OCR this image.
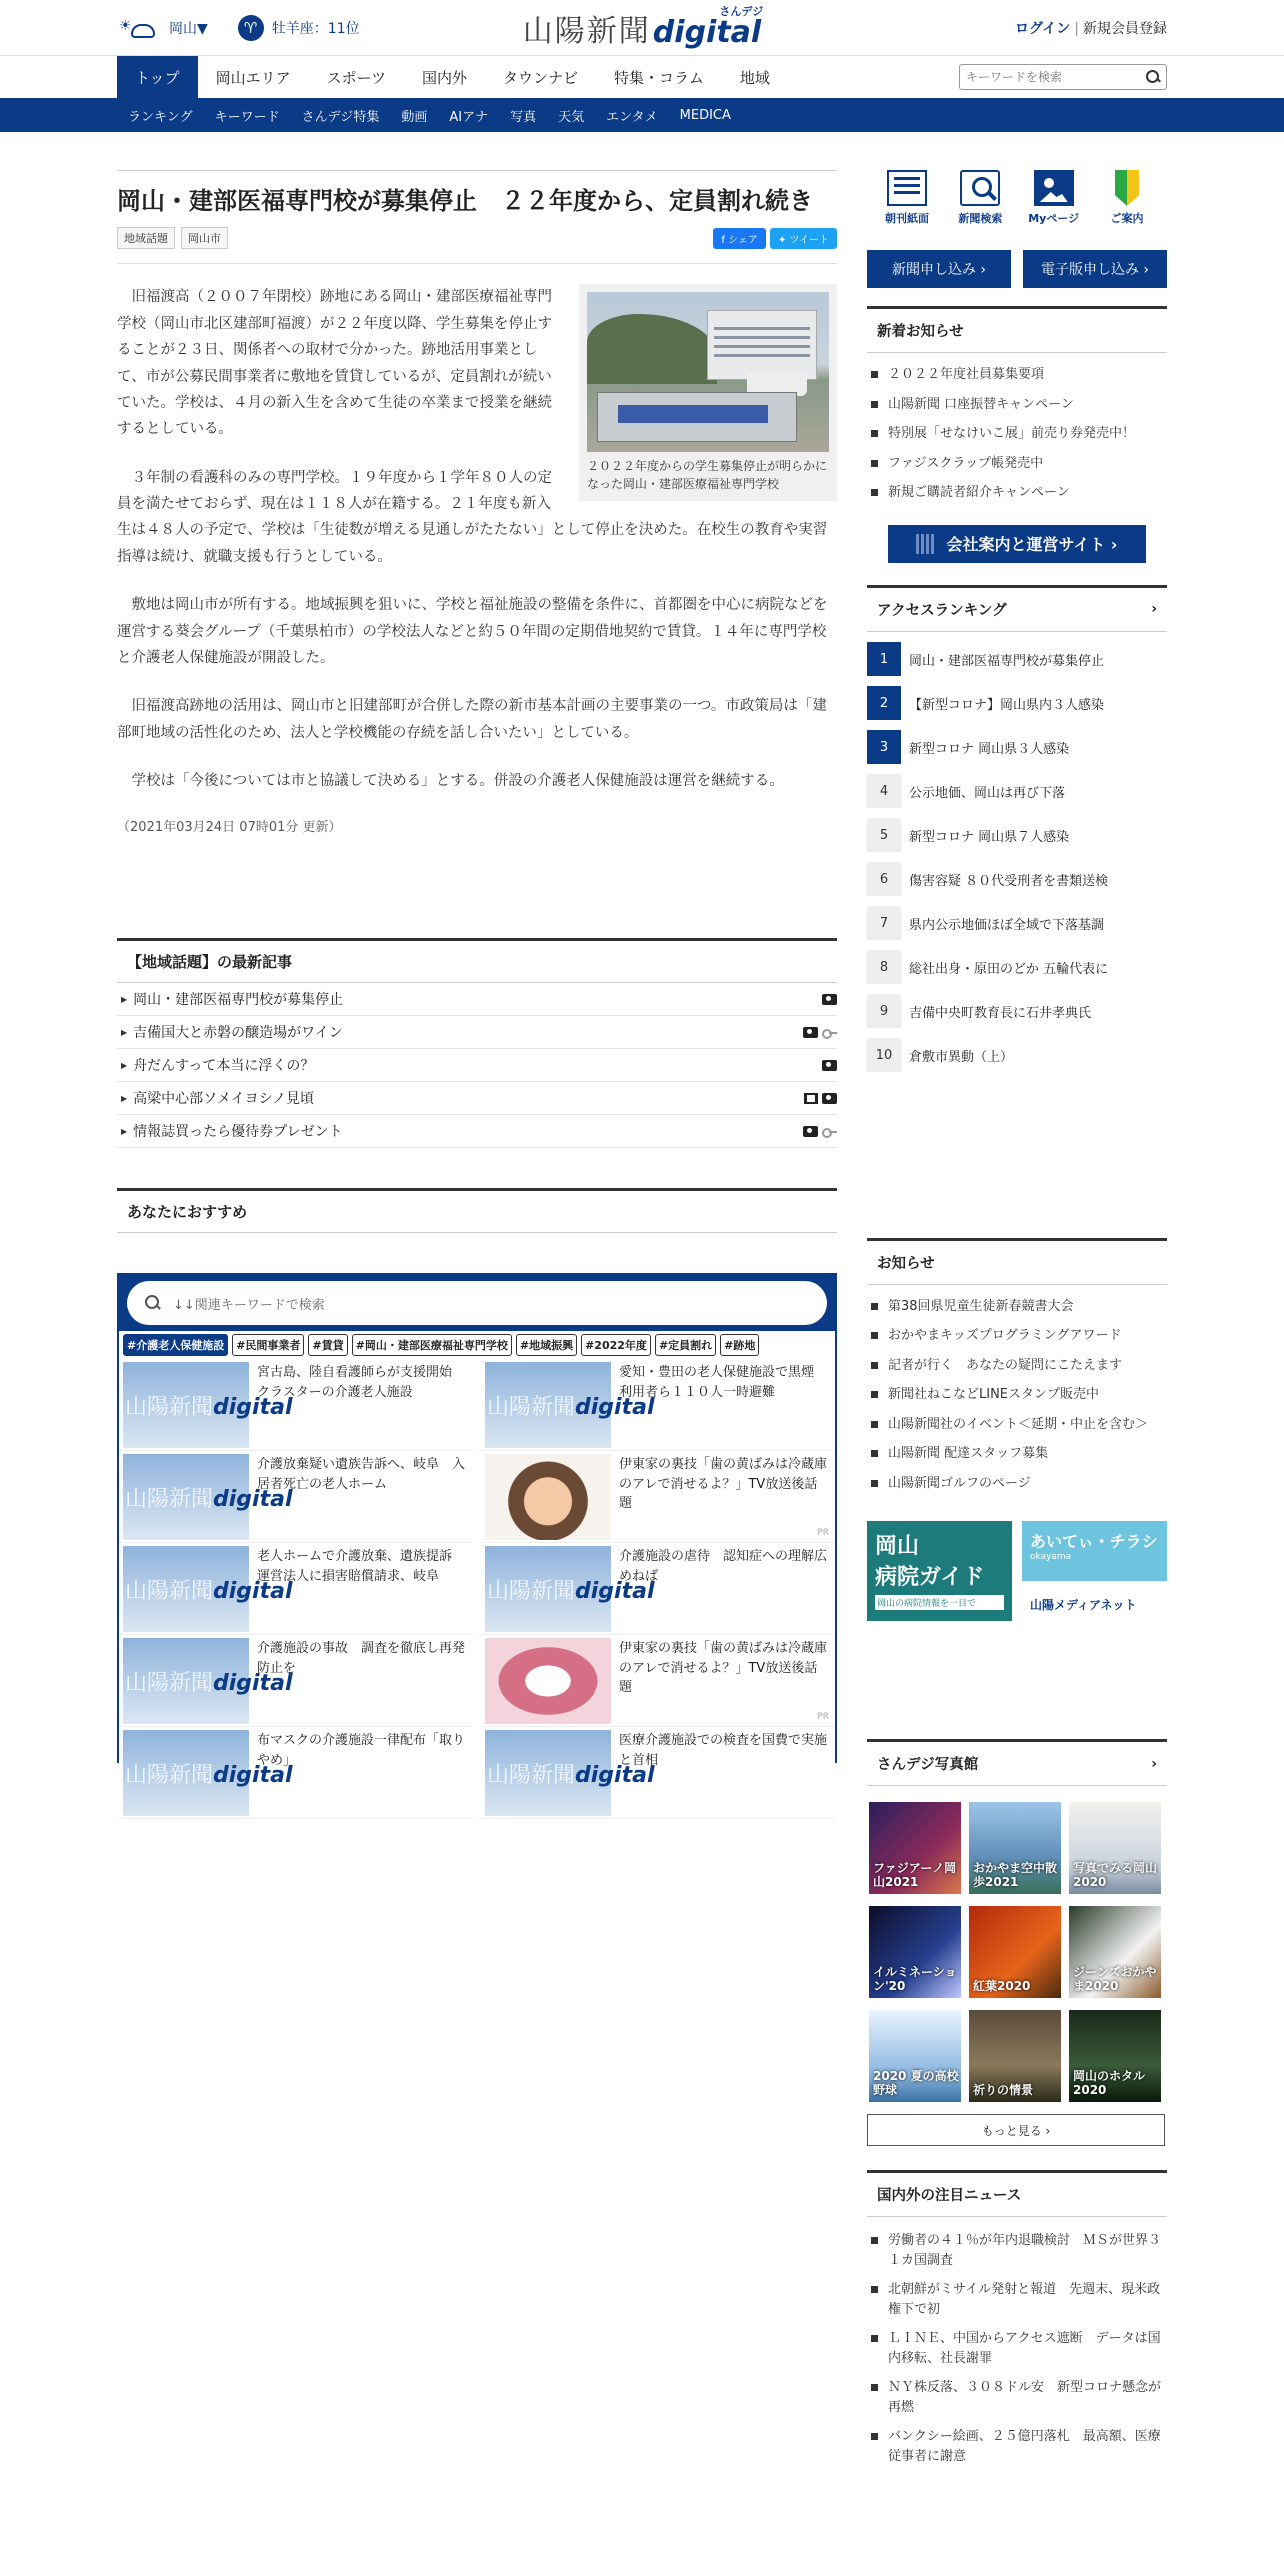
☀	岡山▼	♈	牡羊座：11位	山陽新聞
さんデジ
digital	ログイン | 新規会員登録
トップ	岡山エリア	スポーツ	国内外	タウンナビ	特集・コラム	地域
キーワードを検索
ランキング	キーワード	さんデジ特集	動画	AIアナ	写真	天気	エンタメ	MEDICA
岡山・建部医福専門校が募集停止　２２年度から、定員割れ続き
地域話題	岡山市	f シェア	✦ ツイート
２０２２年度からの学生募集停止が明らかになった岡山・建部医療福祉専門学校

　旧福渡高（２００７年閉校）跡地にある岡山・建部医療福祉専門学校（岡山市北区建部町福渡）が２２年度以降、学生募集を停止することが２３日、関係者への取材で分かった。跡地活用事業として、市が公募民間事業者に敷地を賃貸しているが、定員割れが続いていた。学校は、４月の新入生を含めて生徒の卒業まで授業を継続するとしている。

　３年制の看護科のみの専門学校。１９年度から１学年８０人の定員を満たせておらず、現在は１１８人が在籍する。２１年度も新入生は４８人の予定で、学校は「生徒数が増える見通しがたたない」として停止を決めた。在校生の教育や実習指導は続け、就職支援も行うとしている。

　敷地は岡山市が所有する。地域振興を狙いに、学校と福祉施設の整備を条件に、首都圏を中心に病院などを運営する葵会グループ（千葉県柏市）の学校法人などと約５０年間の定期借地契約で賃貸。１４年に専門学校と介護老人保健施設が開設した。

　旧福渡高跡地の活用は、岡山市と旧建部町が合併した際の新市基本計画の主要事業の一つ。市政策局は「建部町地域の活性化のため、法人と学校機能の存続を話し合いたい」としている。

　学校は「今後については市と協議して決める」とする。併設の介護老人保健施設は運営を継続する。

（2021年03月24日 07時01分 更新）
【地域話題】の最新記事
▶ 岡山・建部医福専門校が募集停止
▶ 吉備国大と赤磐の醸造場がワイン
▶ 舟だんすって本当に浮くの？
▶ 高梁中心部ソメイヨシノ見頃
▶ 情報誌買ったら優待券プレゼント
あなたにおすすめ
↓↓関連キーワードで検索
#介護老人保健施設	#民間事業者	#賃貸	#岡山・建部医療福祉専門学校	#地域振興	#2022年度	#定員割れ	#跡地
山陽新聞digital
宮古島、陸自看護師らが支援開始　クラスターの介護老人施設
山陽新聞digital
愛知・豊田の老人保健施設で黒煙　利用者ら１１０人一時避難
山陽新聞digital
介護放棄疑い遺族告訴へ、岐阜　入居者死亡の老人ホーム
伊東家の裏技「歯の黄ばみは冷蔵庫のアレで消せるよ？」TV放送後話題
PR
山陽新聞digital
老人ホームで介護放棄、遺族提訴　運営法人に損害賠償請求、岐阜
山陽新聞digital
介護施設の虐待　認知症への理解広めねば
山陽新聞digital
介護施設の事故　調査を徹底し再発防止を
伊東家の裏技「歯の黄ばみは冷蔵庫のアレで消せるよ？」TV放送後話題
PR
山陽新聞digital
布マスクの介護施設一律配布「取りやめ」
山陽新聞digital
医療介護施設での検査を国費で実施と首相
朝刊紙面	新聞検索	Myページ	ご案内
新聞申し込み ›	電子版申し込み ›
新着お知らせ
２０２２年度社員募集要項
山陽新聞 口座振替キャンペーン
特別展「せなけいこ展」前売り券発売中！
ファジスクラップ帳発売中
新規ご購読者紹介キャンペーン
会社案内と運営サイト ›
アクセスランキング	›
1	岡山・建部医福専門校が募集停止
2	【新型コロナ】岡山県内３人感染
3	新型コロナ 岡山県３人感染
4	公示地価、岡山は再び下落
5	新型コロナ 岡山県７人感染
6	傷害容疑 ８０代受刑者を書類送検
7	県内公示地価ほぼ全域で下落基調
8	総社出身・原田のどか 五輪代表に
9	吉備中央町教育長に石井孝典氏
10	倉敷市異動（上）
お知らせ
第38回県児童生徒新春競書大会
おかやまキッズプログラミングアワード
記者が行く　あなたの疑問にこたえます
新聞社ねこなどLINEスタンプ販売中
山陽新聞社のイベント＜延期・中止を含む＞
山陽新聞 配達スタッフ募集
山陽新聞ゴルフのページ
岡山
病院ガイド
岡山の病院情報を一目で
あいてぃ・チラシ
okayama
山陽メディアネット
さんデジ写真館	›
ファジアーノ岡山2021
おかやま空中散歩2021
写真でみる岡山2020
イルミネーション'20	紅葉2020
ジーンズおかやま2020
2020 夏の高校野球	祈りの情景
岡山のホタル2020
もっと見る ›
国内外の注目ニュース
労働者の４１％が年内退職検討　ＭＳが世界３１カ国調査
北朝鮮がミサイル発射と報道　先週末、現米政権下で初
ＬＩＮＥ、中国からアクセス遮断　データは国内移転、社長謝罪
ＮＹ株反落、３０８ドル安　新型コロナ懸念が再燃
バンクシー絵画、２５億円落札　最高額、医療従事者に謝意
